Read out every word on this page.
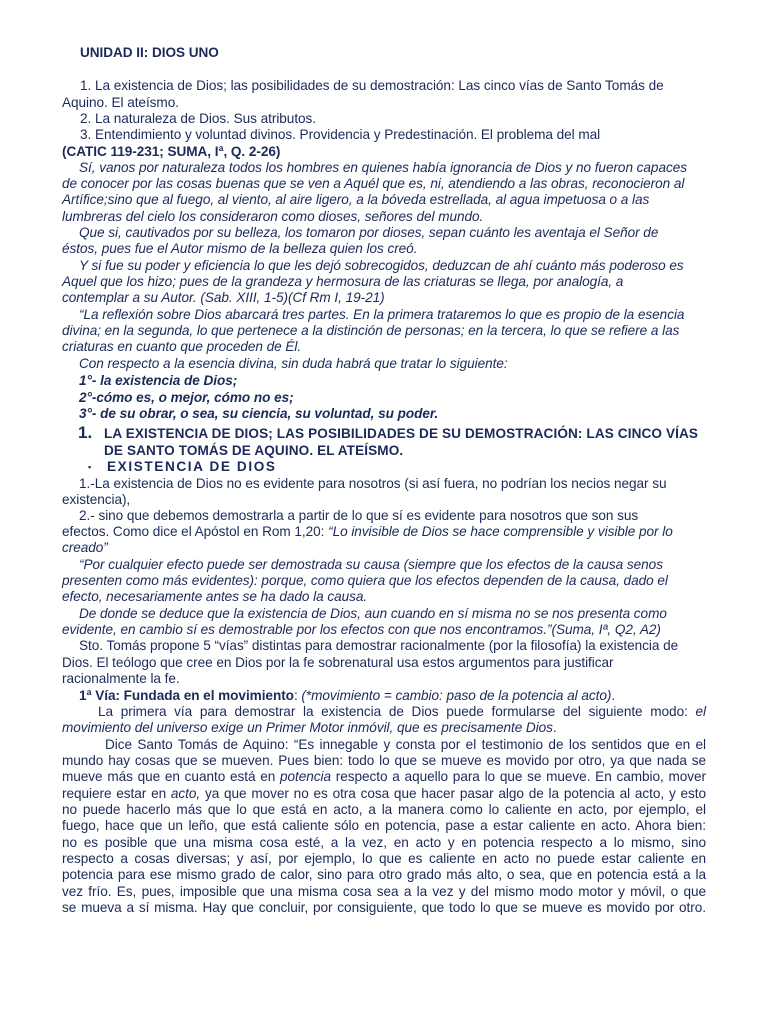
UNIDAD II: DIOS UNO
1. La existencia de Dios; las posibilidades de su demostración: Las cinco vías de Santo Tomás de
Aquino. El ateísmo.
2. La naturaleza de Dios. Sus atributos.
3. Entendimiento y voluntad divinos. Providencia y Predestinación. El problema del mal
(CATIC 119-231; SUMA, Iª, Q. 2-26)
Sí, vanos por naturaleza todos los hombres en quienes había ignorancia de Dios y no fueron capaces
de conocer por las cosas buenas que se ven a Aquél que es, ni, atendiendo a las obras, reconocieron al
Artífice;sino que al fuego, al viento, al aire ligero, a la bóveda estrellada, al agua impetuosa o a las
lumbreras del cielo los consideraron como dioses, señores del mundo.
Que si, cautivados por su belleza, los tomaron por dioses, sepan cuánto les aventaja el Señor de
éstos, pues fue el Autor mismo de la belleza quien los creó.
Y si fue su poder y eficiencia lo que les dejó sobrecogidos, deduzcan de ahí cuánto más poderoso es
Aquel que los hizo; pues de la grandeza y hermosura de las criaturas se llega, por analogía, a
contemplar a su Autor. (Sab. XIII, 1-5)(Cf Rm I, 19-21)
“La reflexión sobre Dios abarcará tres partes. En la primera trataremos lo que es propio de la esencia
divina; en la segunda, lo que pertenece a la distinción de personas; en la tercera, lo que se refiere a las
criaturas en cuanto que proceden de Él.
Con respecto a la esencia divina, sin duda habrá que tratar lo siguiente:
1°- la existencia de Dios;
2°-cómo es, o mejor, cómo no es;
3°- de su obrar, o sea, su ciencia, su voluntad, su poder.
1. LA EXISTENCIA DE DIOS; LAS POSIBILIDADES DE SU DEMOSTRACIÓN: LAS CINCO VÍAS
DE SANTO TOMÁS DE AQUINO. EL ATEÍSMO.
▪ EXISTENCIA DE DIOS
1.-La existencia de Dios no es evidente para nosotros (si así fuera, no podrían los necios negar su
existencia),
2.- sino que debemos demostrarla a partir de lo que sí es evidente para nosotros que son sus
efectos. Como dice el Apóstol en Rom 1,20: “Lo invisible de Dios se hace comprensible y visible por lo
creado”
“Por cualquier efecto puede ser demostrada su causa (siempre que los efectos de la causa senos
presenten como más evidentes): porque, como quiera que los efectos dependen de la causa, dado el
efecto, necesariamente antes se ha dado la causa.
De donde se deduce que la existencia de Dios, aun cuando en sí misma no se nos presenta como
evidente, en cambio sí es demostrable por los efectos con que nos encontramos.”(Suma, Iª, Q2, A2)
Sto. Tomás propone 5 “vías” distintas para demostrar racionalmente (por la filosofía) la existencia de
Dios. El teólogo que cree en Dios por la fe sobrenatural usa estos argumentos para justificar
racionalmente la fe.
1ª Vía: Fundada en el movimiento: (*movimiento = cambio: paso de la potencia al acto).
La primera vía para demostrar la existencia de Dios puede formularse del siguiente modo: el
movimiento del universo exige un Primer Motor inmóvil, que es precisamente Dios.
Dice Santo Tomás de Aquino: “Es innegable y consta por el testimonio de los sentidos que en el
mundo hay cosas que se mueven. Pues bien: todo lo que se mueve es movido por otro, ya que nada se
mueve más que en cuanto está en potencia respecto a aquello para lo que se mueve. En cambio, mover
requiere estar en acto, ya que mover no es otra cosa que hacer pasar algo de la potencia al acto, y esto
no puede hacerlo más que lo que está en acto, a la manera como lo caliente en acto, por ejemplo, el
fuego, hace que un leño, que está caliente sólo en potencia, pase a estar caliente en acto. Ahora bien:
no es posible que una misma cosa esté, a la vez, en acto y en potencia respecto a lo mismo, sino
respecto a cosas diversas; y así, por ejemplo, lo que es caliente en acto no puede estar caliente en
potencia para ese mismo grado de calor, sino para otro grado más alto, o sea, que en potencia está a la
vez frío. Es, pues, imposible que una misma cosa sea a la vez y del mismo modo motor y móvil, o que
se mueva a sí misma. Hay que concluir, por consiguiente, que todo lo que se mueve es movido por otro.
